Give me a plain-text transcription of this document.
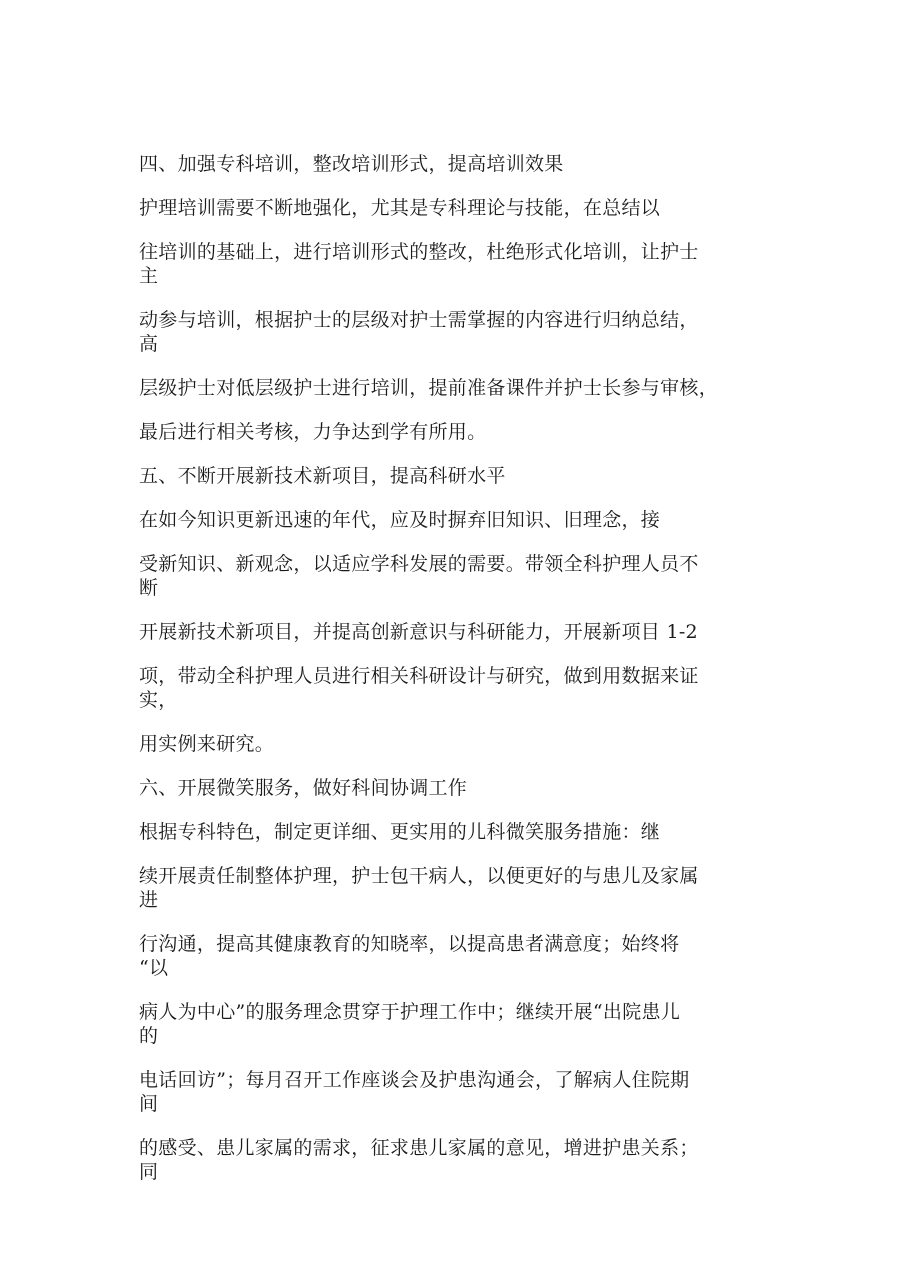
四、加强专科培训，整改培训形式，提高培训效果
护理培训需要不断地强化，尤其是专科理论与技能，在总结以
往培训的基础上，进行培训形式的整改，杜绝形式化培训，让护士
主
动参与培训，根据护士的层级对护士需掌握的内容进行归纳总结，
高
层级护士对低层级护士进行培训，提前准备课件并护士长参与审核，
最后进行相关考核，力争达到学有所用。
五、不断开展新技术新项目，提高科研水平
在如今知识更新迅速的年代，应及时摒弃旧知识、旧理念，接
受新知识、新观念，以适应学科发展的需要。带领全科护理人员不
断
开展新技术新项目，并提高创新意识与科研能力，开展新项目 1-2
项，带动全科护理人员进行相关科研设计与研究，做到用数据来证
实，
用实例来研究。
六、开展微笑服务，做好科间协调工作
根据专科特色，制定更详细、更实用的儿科微笑服务措施：继
续开展责任制整体护理，护士包干病人，以便更好的与患儿及家属
进
行沟通，提高其健康教育的知晓率，以提高患者满意度；始终将
“以
病人为中心”的服务理念贯穿于护理工作中；继续开展“出院患儿
的
电话回访”；每月召开工作座谈会及护患沟通会，了解病人住院期
间
的感受、患儿家属的需求，征求患儿家属的意见，增进护患关系；
同
